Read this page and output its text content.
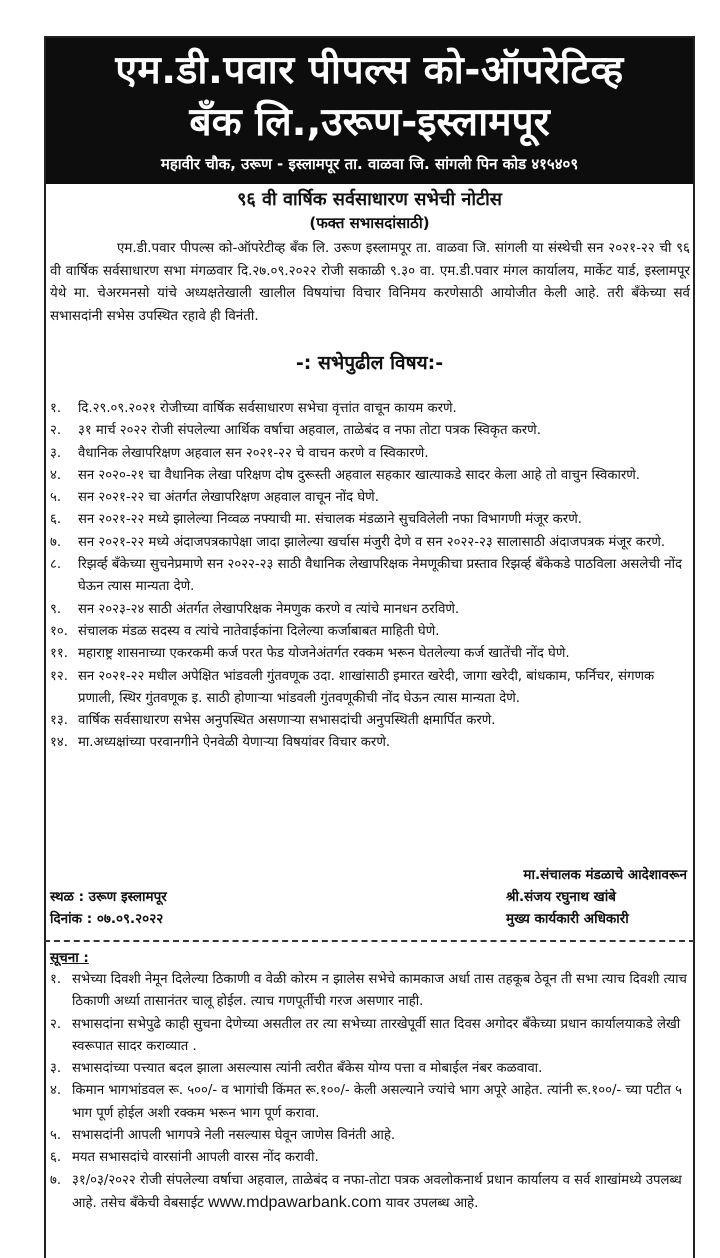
एम.डी.पवार पीपल्स को-ऑपरेटिव्ह
बँक लि.,उरूण-इस्लामपूर
महावीर चौक, उरूण - इस्लामपूर ता. वाळवा जि. सांगली पिन कोड ४१५४०९
९६ वी वार्षिक सर्वसाधारण सभेची नोटीस
(फक्त सभासदांसाठी)

     एम.डी.पवार पीपल्स को-ऑपरेटीव्ह बँक लि. उरूण इस्लामपूर ता. वाळवा जि. सांगली या संस्थेची सन २०२१-२२ ची ९६ वी वार्षिक सर्वसाधारण सभा मंगळवार दि.२७.०९.२०२२ रोजी सकाळी ९.३० वा. एम.डी.पवार मंगल कार्यालय, मार्केट यार्ड, इस्लामपूर येथे मा. चेअरमनसो यांचे अध्यक्षतेखाली खालील विषयांचा विचार विनिमय करणेसाठी आयोजीत केली आहे. तरी बँकेच्या सर्व सभासदांनी सभेस उपस्थित रहावे ही विनंती.

-: सभेपुढील विषय:-
१. दि.२९.०९.२०२१ रोजीच्या वार्षिक सर्वसाधारण सभेचा वृत्तांत वाचून कायम करणे.
२. ३१ मार्च २०२२ रोजी संपलेल्या आर्थिक वर्षाचा अहवाल, ताळेबंद व नफा तोटा पत्रक स्विकृत करणे.
३. वैधानिक लेखापरिक्षण अहवाल सन २०२१-२२ चे वाचन करणे व स्विकारणे.
४. सन २०२०-२१ चा वैधानिक लेखा परिक्षण दोष दुरूस्ती अहवाल सहकार खात्याकडे सादर केला आहे तो वाचुन स्विकारणे.
५. सन २०२१-२२ चा अंतर्गत लेखापरिक्षण अहवाल वाचून नोंद घेणे.
६. सन २०२१-२२ मध्ये झालेल्या निव्वळ नफ्याची मा. संचालक मंडळाने सुचविलेली नफा विभागणी मंजूर करणे.
७. सन २०२१-२२ मध्ये अंदाजपत्रकापेक्षा जादा झालेल्या खर्चास मंजुरी देणे व सन २०२२-२३ सालासाठी अंदाजपत्रक मंजूर करणे.
८. रिझर्व्ह बँकेच्या सुचनेप्रमाणे सन २०२२-२३ साठी वैधानिक लेखापरिक्षक नेमणूकीचा प्रस्ताव रिझर्व्ह बँकेकडे पाठविला असलेची नोंद घेऊन त्यास मान्यता देणे.
९. सन २०२३-२४ साठी अंतर्गत लेखापरिक्षक नेमणुक करणे व त्यांचे मानधन ठरविणे.
१०. संचालक मंडळ सदस्य व त्यांचे नातेवाईकांना दिलेल्या कर्जाबाबत माहिती घेणे.
११. महाराष्ट्र शासनाच्या एकरकमी कर्ज परत फेड योजनेअंतर्गत रक्कम भरून घेतलेल्या कर्ज खातेंची नोंद घेणे.
१२. सन २०२१-२२ मधील अपेक्षित भांडवली गुंतवणूक उदा. शाखांसाठी इमारत खरेदी, जागा खरेदी, बांधकाम, फर्निचर, संगणक प्रणाली, स्थिर गुंतवणूक इ. साठी होणाऱ्या भांडवली गुंतवणूकीची नोंद घेऊन त्यास मान्यता देणे.
१३. वार्षिक सर्वसाधारण सभेस अनुपस्थित असणाऱ्या सभासदांची अनुपस्थिती क्षमार्पित करणे.
१४. मा.अध्यक्षांच्या परवानगीने ऐनवेळी येणाऱ्या विषयांवर विचार करणे.
मा.संचालक मंडळाचे आदेशावरून
स्थळ : उरूण इस्लामपूर	श्री.संजय रघुनाथ खांबे
दिनांक : ०७.०९.२०२२	मुख्य कार्यकारी अधिकारी
सूचना :
१. सभेच्या दिवशी नेमून दिलेल्या ठिकाणी व वेळी कोरम न झालेस सभेचे कामकाज अर्धा तास तहकूब ठेवून ती सभा त्याच दिवशी त्याच ठिकाणी अर्ध्या तासानंतर चालू होईल. त्याच गणपूर्तीची गरज असणार नाही.
२. सभासदांना सभेपुढे काही सुचना देणेच्या असतील तर त्या सभेच्या तारखेपूर्वी सात दिवस अगोदर बँकेच्या प्रधान कार्यालयाकडे लेखी स्वरूपात सादर कराव्यात .
३. सभासदांच्या पत्त्यात बदल झाला असल्यास त्यांनी त्वरीत बँकेस योग्य पत्ता व मोबाईल नंबर कळवावा.
४. किमान भागभांडवल रू. ५००/- व भागांची किंमत रू.१००/- केली असल्याने ज्यांचे भाग अपूरे आहेत. त्यांनी रू.१००/- च्या पटीत ५ भाग पूर्ण होईल अशी रक्कम भरून भाग पूर्ण करावा.
५. सभासदांनी आपली भागपत्रे नेली नसल्यास घेवून जाणेस विनंती आहे.
६. मयत सभासदांचे वारसांनी आपली वारस नोंद करावी.
७. ३१/०३/२०२२ रोजी संपलेल्या वर्षाचा अहवाल, ताळेबंद व नफा-तोटा पत्रक अवलोकनार्थ प्रधान कार्यालय व सर्व शाखांमध्ये उपलब्ध आहे. तसेच बँकेची वेबसाईट www.mdpawarbank.com यावर उपलब्ध आहे.
